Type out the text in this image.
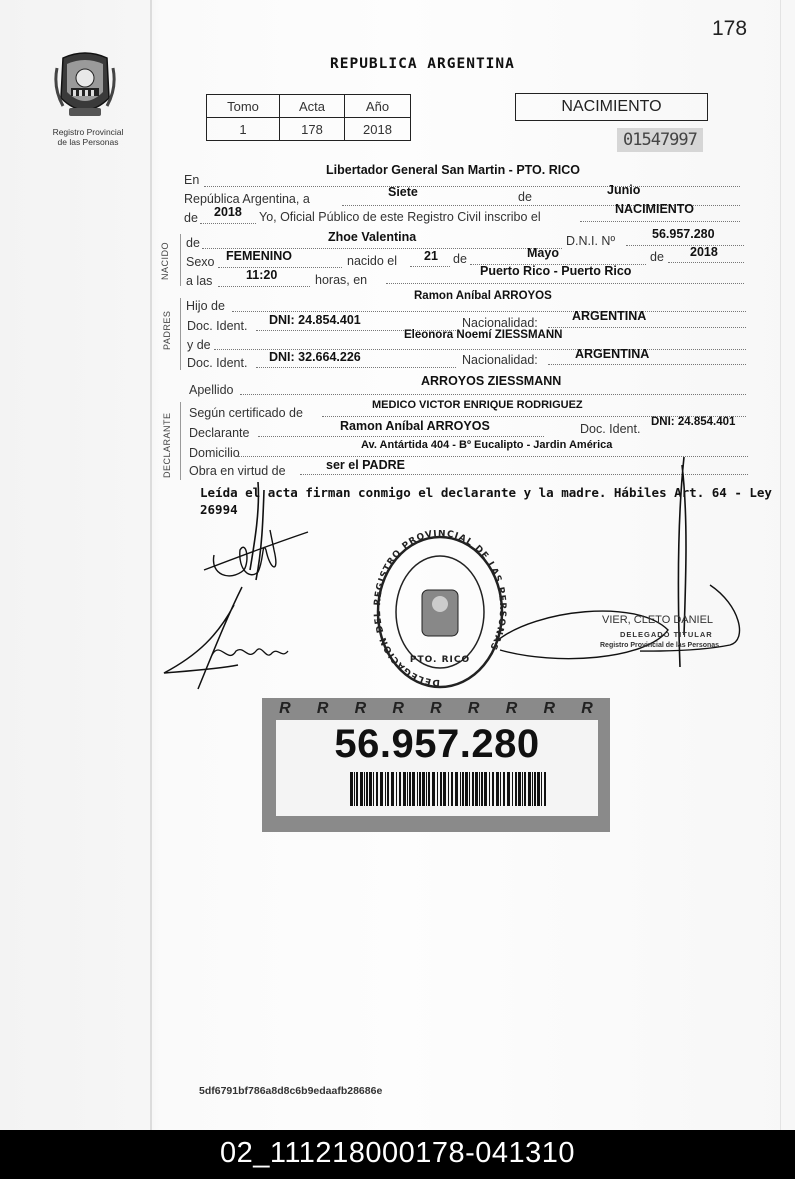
178
Registro Provincial
de las Personas
REPUBLICA ARGENTINA
Tomo	Acta	Año
1	178	2018
NACIMIENTO
01547997
En
Libertador General San Martin - PTO. RICO
República Argentina, a	Siete	de	Junio
de 2018 Yo, Oficial Público de este Registro Civil inscribo el
NACIMIENTO
NACIDO de	Zhoe Valentina	D.N.I. Nº	56.957.280
Sexo FEMENINO	nacido el 21 de	Mayo	de 2018
a las	11:20	horas, en
Puerto Rico - Puerto Rico
PADRES
Hijo de
Ramon Aníbal ARROYOS
Doc. Ident. DNI: 24.854.401	Nacionalidad:	ARGENTINA
y de
Eleonora Noemí ZIESSMANN
Doc. Ident. DNI: 32.664.226	Nacionalidad:	ARGENTINA
Apellido
ARROYOS ZIESSMANN
DECLARANTE Según certificado de
MEDICO VICTOR ENRIQUE RODRIGUEZ
Declarante	Ramon Aníbal ARROYOS	Doc. Ident. DNI: 24.854.401
Domicilio
Av. Antártida 404 - Bº Eucalipto - Jardin América
Obra en virtud de	ser el PADRE
Leída el acta firman conmigo el declarante y la madre. Hábiles Art. 64 - Ley
26994
DELEGACION DEL REGISTRO PROVINCIAL DE LAS PERSONAS
PTO. RICO
VIER, CLETO DANIEL
DELEGADO TITULAR
Registro Provincial de las Personas
R R R R R R R R R
56.957.280
5df6791bf786a8d8c6b9edaafb28686e
02_111218000178-041310
